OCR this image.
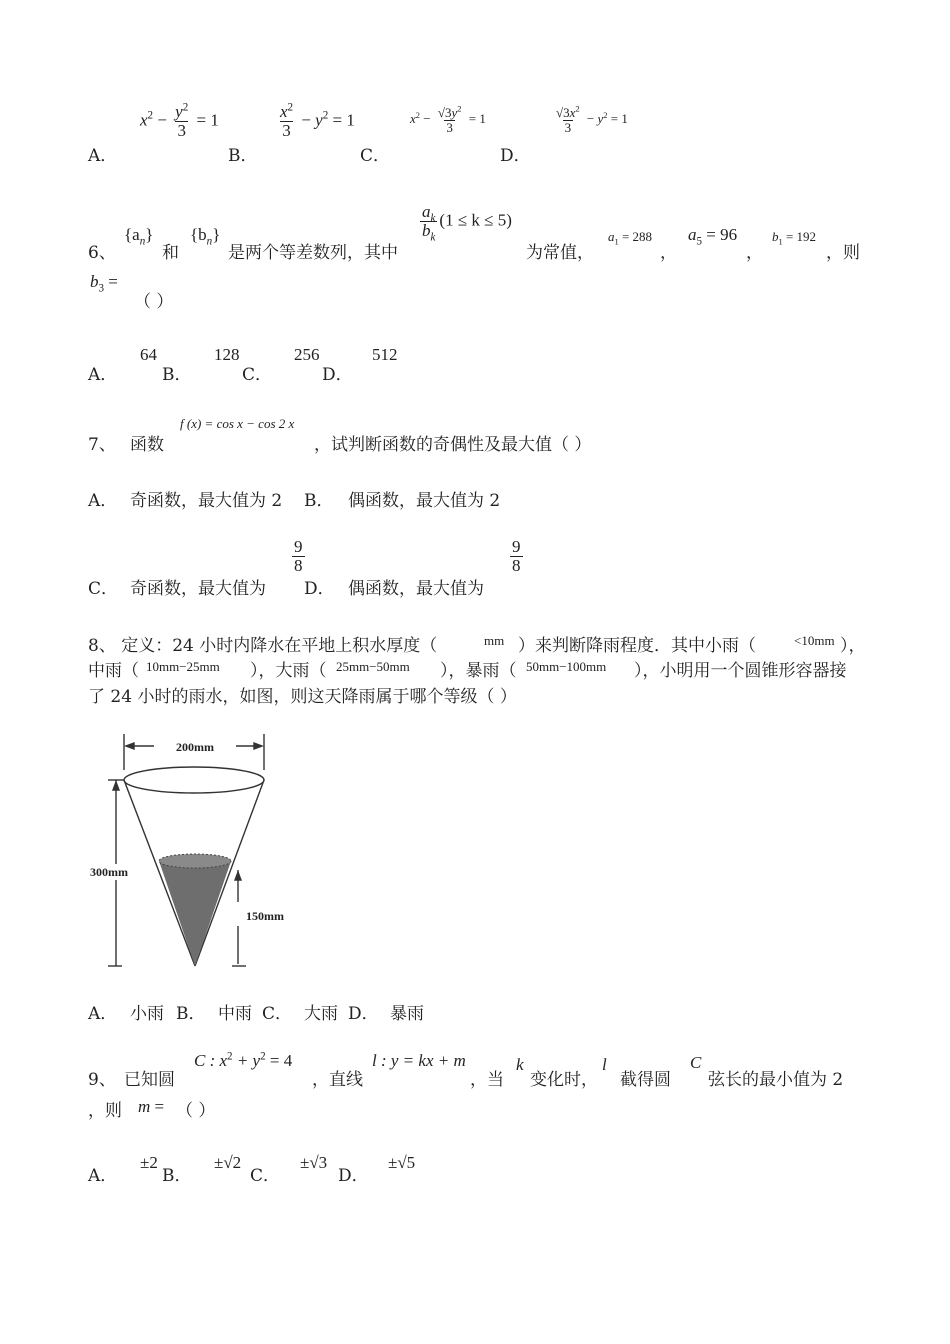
A．
$x^2 - \frac{y^2}{3} = 1$
B．
$\frac{x^2}{3} - y^2 = 1$
C．
$x^2 - \frac{√3y^2}{3} = 1$
D．
$\frac{√3x^2}{3} - y^2 = 1$
6、
$\{a_n\}$
和
$\{b_n\}$
是两个等差数列，其中
$\frac{a_k}{b_k} (1 \le k \le 5)$
为常值，
$a_1 = 288$
，
$a_5 = 96$
，
$b_1 = 192$
，则
$b_3$ =
（ ）
A．
64
B．
128
C．
256
D．
512
7、 函数
f (x) = cos x − cos 2 x
，试判断函数的奇偶性及最大值（ ）
A． 奇函数，最大值为 2 B． 偶函数，最大值为 2
C． 奇函数，最大值为
$\frac{9}{8}$
D． 偶函数，最大值为
$\frac{9}{8}$
8、 定义：24 小时内降水在平地上积水厚度（	mm ）来判断降雨程度．其中小雨（	<10mm ），
中雨（ 10mm−25mm ），大雨（ 25mm−50mm ），暴雨（ 50mm−100mm ），小明用一个圆锥形容器接
了 24 小时的雨水，如图，则这天降雨属于哪个等级（ ）
200mm
300mm
150mm
A． 小雨 B． 中雨 C． 大雨 D． 暴雨
9、 已知圆
C : $x^2 + y^2 = 4$
，直线
l : y = kx + m
，当
k
变化时，
l
截得圆
C
弦长的最小值为 2
，则 m = （ ）
A．
±2
B．
±√2
C．
±√3
D．
±√5
